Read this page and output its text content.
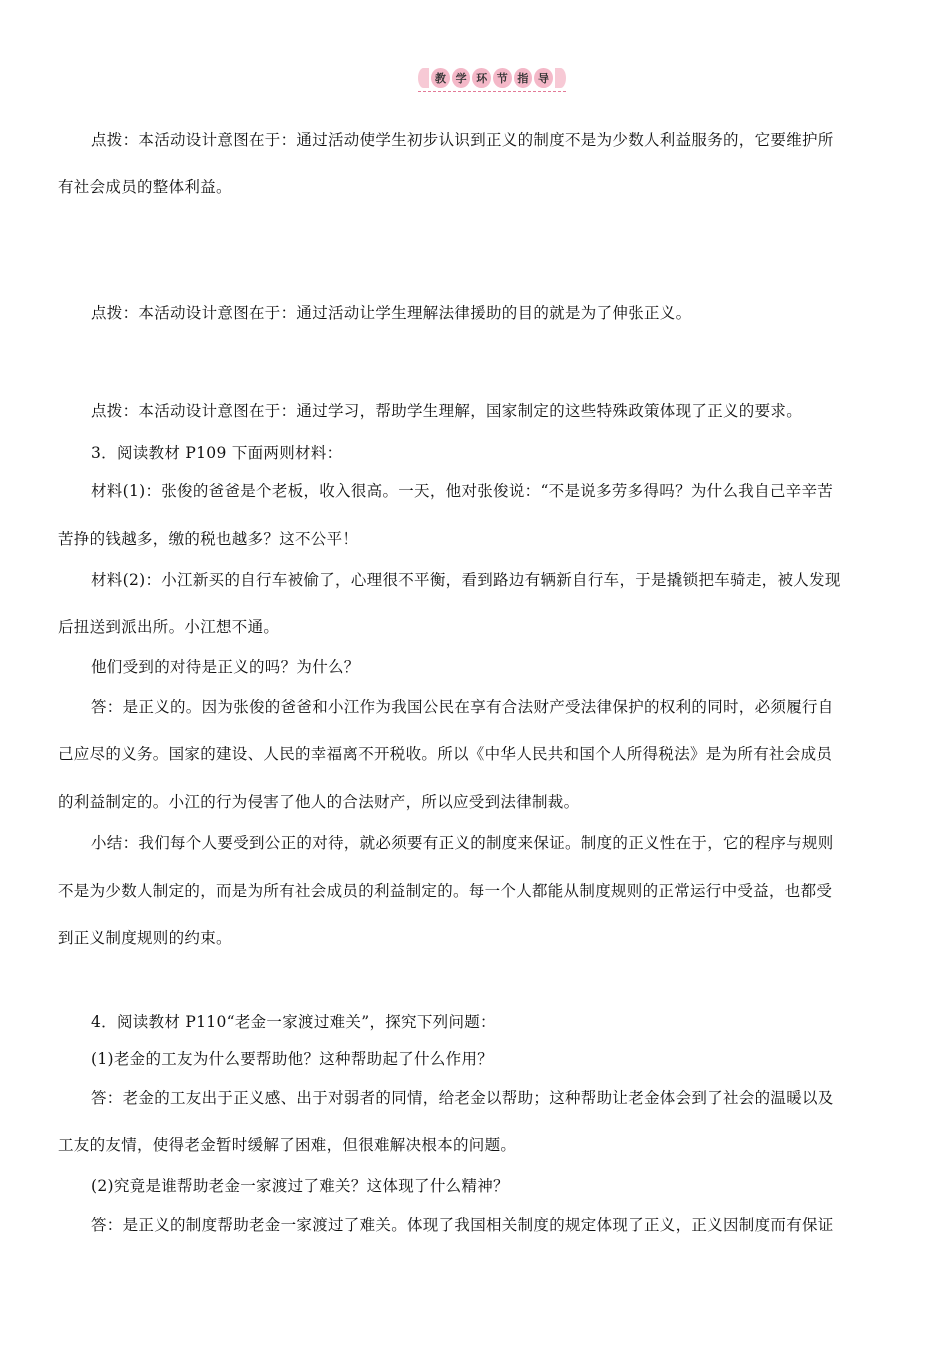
教 学 环 节 指 导
点拨：本活动设计意图在于：通过活动使学生初步认识到正义的制度不是为少数人利益服务的，它要维护所
有社会成员的整体利益。
点拨：本活动设计意图在于：通过活动让学生理解法律援助的目的就是为了伸张正义。
点拨：本活动设计意图在于：通过学习，帮助学生理解，国家制定的这些特殊政策体现了正义的要求。
3．阅读教材 P109 下面两则材料：
材料(1)：张俊的爸爸是个老板，收入很高。一天，他对张俊说：“不是说多劳多得吗？为什么我自己辛辛苦
苦挣的钱越多，缴的税也越多？这不公平！
材料(2)：小江新买的自行车被偷了，心理很不平衡，看到路边有辆新自行车，于是撬锁把车骑走，被人发现
后扭送到派出所。小江想不通。
他们受到的对待是正义的吗？为什么？
答：是正义的。因为张俊的爸爸和小江作为我国公民在享有合法财产受法律保护的权利的同时，必须履行自
己应尽的义务。国家的建设、人民的幸福离不开税收。所以《中华人民共和国个人所得税法》是为所有社会成员
的利益制定的。小江的行为侵害了他人的合法财产，所以应受到法律制裁。
小结：我们每个人要受到公正的对待，就必须要有正义的制度来保证。制度的正义性在于，它的程序与规则
不是为少数人制定的，而是为所有社会成员的利益制定的。每一个人都能从制度规则的正常运行中受益，也都受
到正义制度规则的约束。
4．阅读教材 P110“老金一家渡过难关”，探究下列问题：
(1)老金的工友为什么要帮助他？这种帮助起了什么作用？
答：老金的工友出于正义感、出于对弱者的同情，给老金以帮助；这种帮助让老金体会到了社会的温暖以及
工友的友情，使得老金暂时缓解了困难，但很难解决根本的问题。
(2)究竟是谁帮助老金一家渡过了难关？这体现了什么精神？
答：是正义的制度帮助老金一家渡过了难关。体现了我国相关制度的规定体现了正义，正义因制度而有保证
